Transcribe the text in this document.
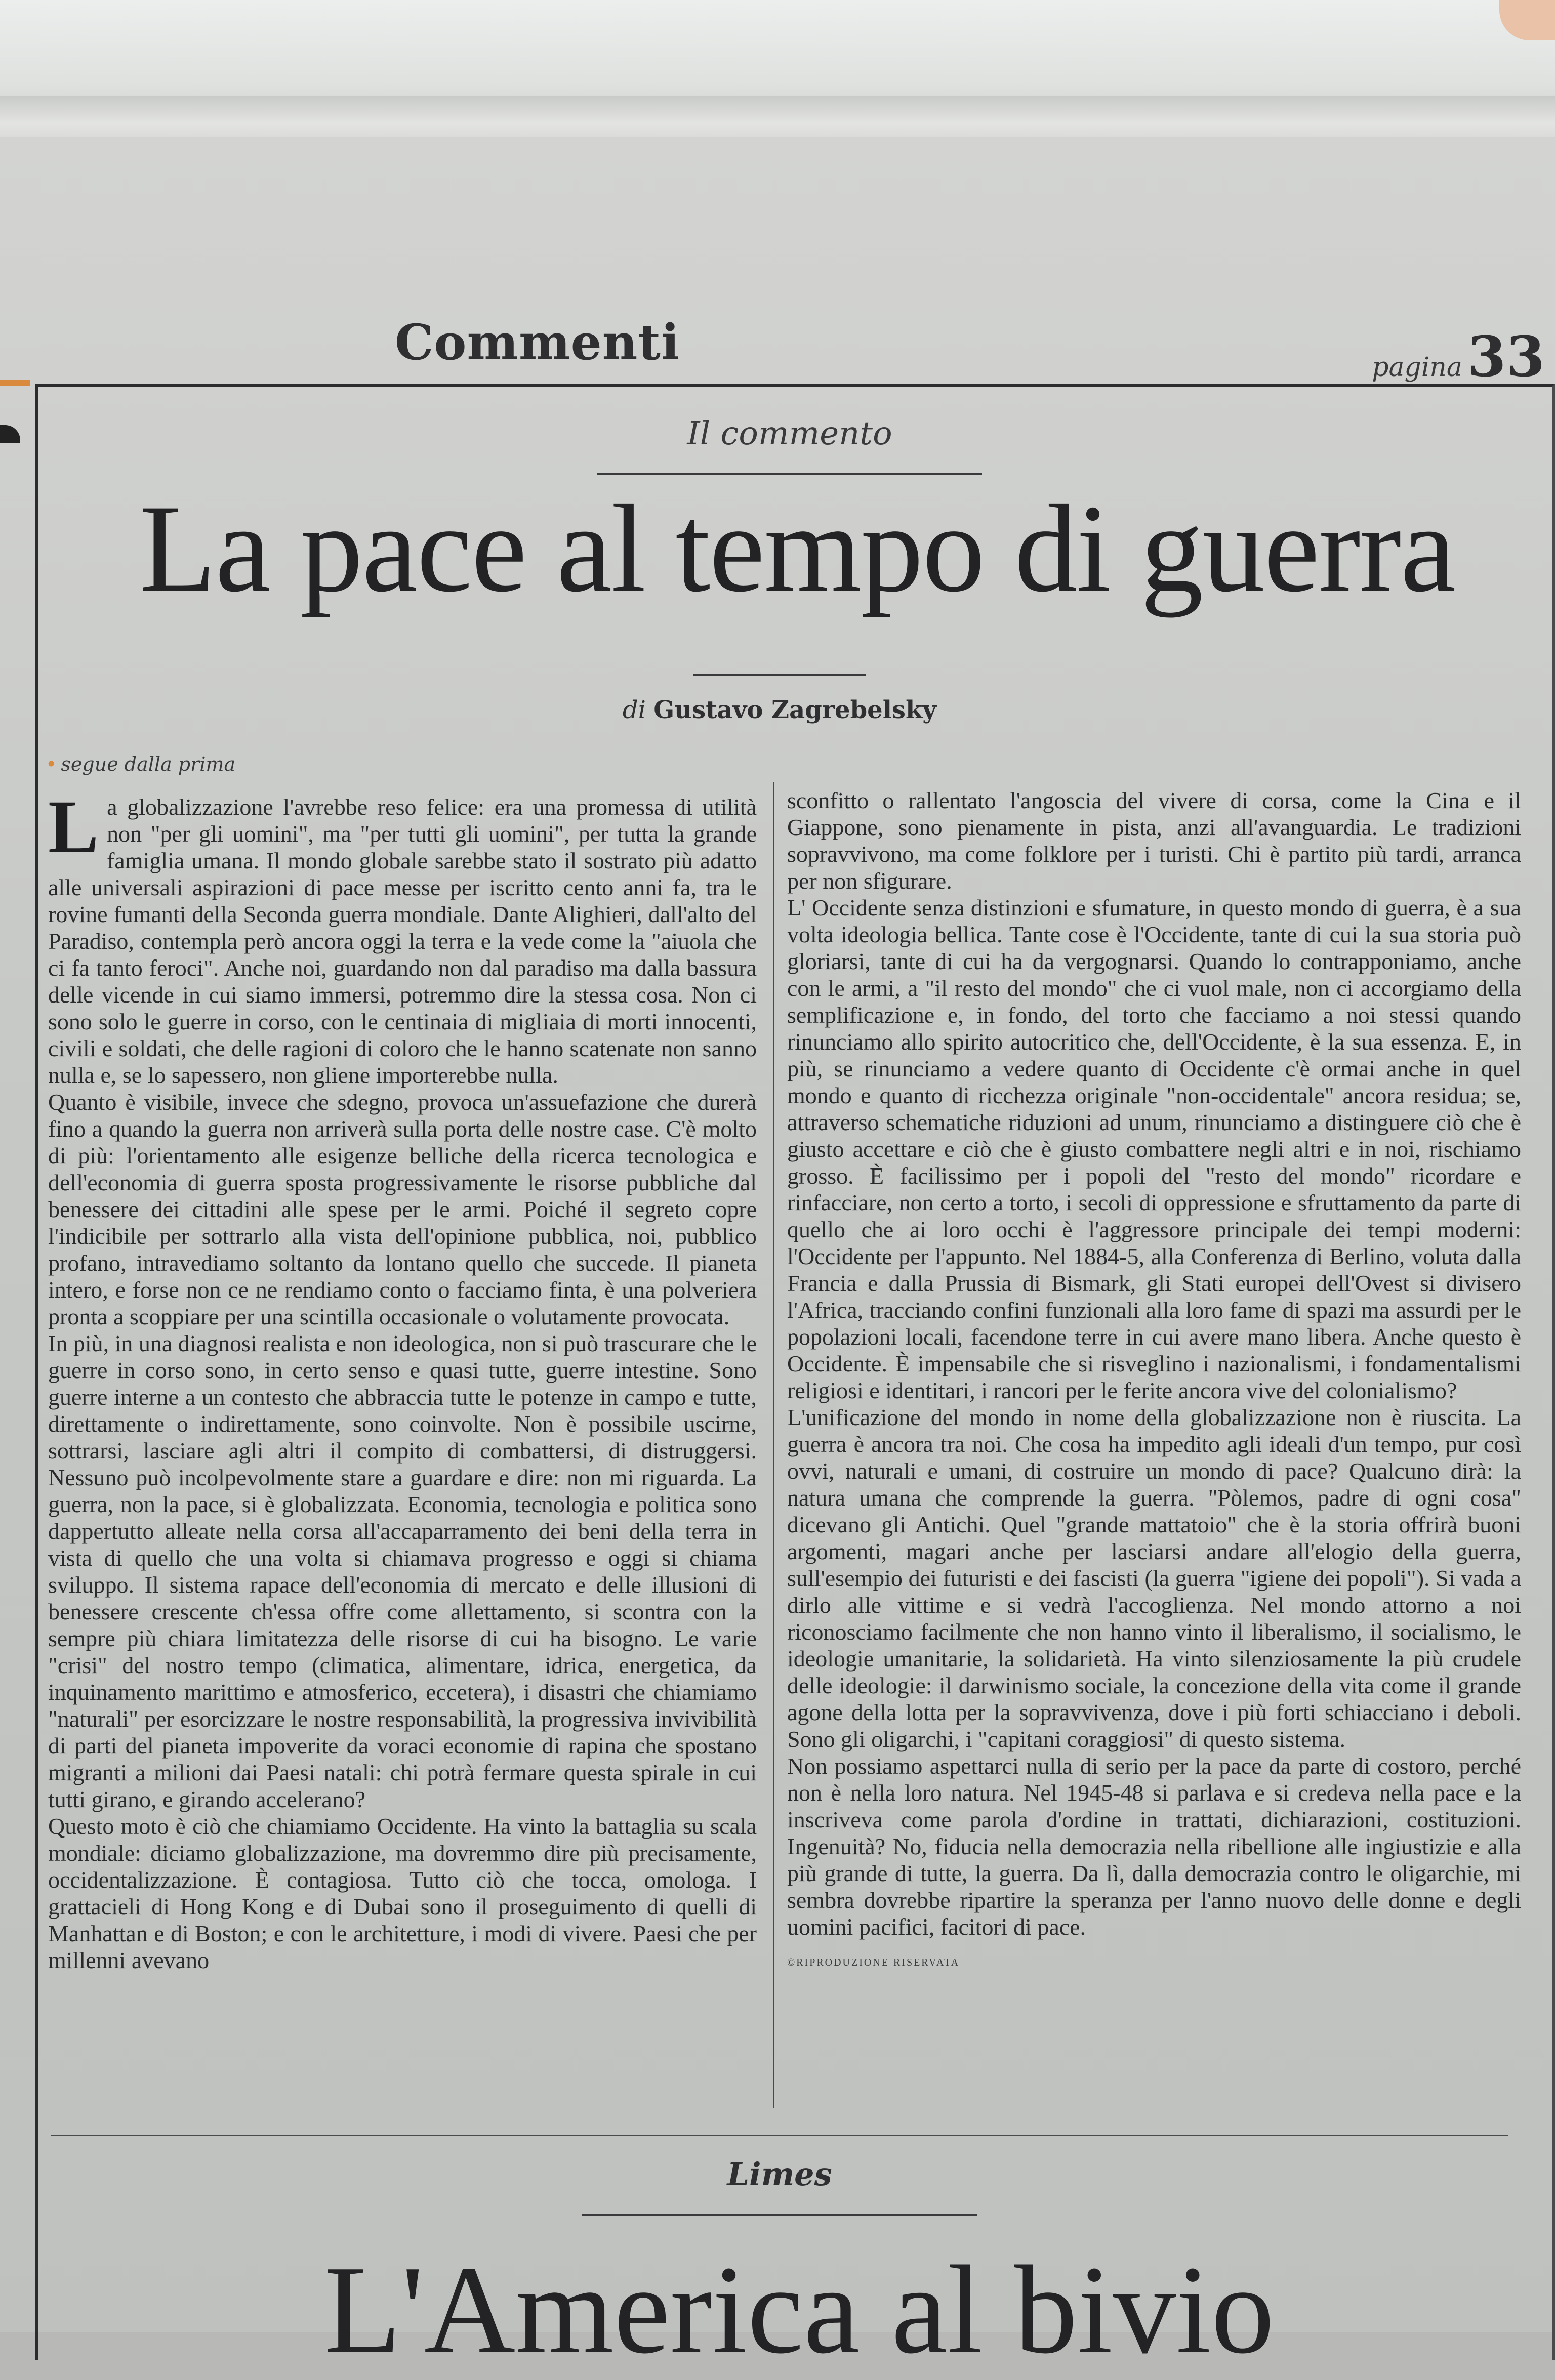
Commenti	pagina 33
Il commento
La pace al tempo di guerra
di Gustavo Zagrebelsky
• segue dalla prima

La globalizzazione l'avrebbe reso felice: era una promessa di utilità non "per gli uomini", ma "per tutti gli uomini", per tutta la grande famiglia umana. Il mondo globale sarebbe stato il sostrato più adatto alle universali aspirazioni di pace messe per iscritto cento anni fa, tra le rovine fumanti della Seconda guerra mondiale. Dante Alighieri, dall'alto del Paradiso, contempla però ancora oggi la terra e la vede come la "aiuola che ci fa tanto feroci". Anche noi, guardando non dal paradiso ma dalla bassura delle vicende in cui siamo immersi, potremmo dire la stessa cosa. Non ci sono solo le guerre in corso, con le centinaia di migliaia di morti innocenti, civili e soldati, che delle ragioni di coloro che le hanno scatenate non sanno nulla e, se lo sapessero, non gliene importerebbe nulla.

Quanto è visibile, invece che sdegno, provoca un'assuefazione che durerà fino a quando la guerra non arriverà sulla porta delle nostre case. C'è molto di più: l'orientamento alle esigenze belliche della ricerca tecnologica e dell'economia di guerra sposta progressivamente le risorse pubbliche dal benessere dei cittadini alle spese per le armi. Poiché il segreto copre l'indicibile per sottrarlo alla vista dell'opinione pubblica, noi, pubblico profano, intravediamo soltanto da lontano quello che succede. Il pianeta intero, e forse non ce ne rendiamo conto o facciamo finta, è una polveriera pronta a scoppiare per una scintilla occasionale o volutamente provocata.

In più, in una diagnosi realista e non ideologica, non si può trascurare che le guerre in corso sono, in certo senso e quasi tutte, guerre intestine. Sono guerre interne a un contesto che abbraccia tutte le potenze in campo e tutte, direttamente o indirettamente, sono coinvolte. Non è possibile uscirne, sottrarsi, lasciare agli altri il compito di combattersi, di distruggersi. Nessuno può incolpevolmente stare a guardare e dire: non mi riguarda. La guerra, non la pace, si è globalizzata. Economia, tecnologia e politica sono dappertutto alleate nella corsa all'accaparramento dei beni della terra in vista di quello che una volta si chiamava progresso e oggi si chiama sviluppo. Il sistema rapace dell'economia di mercato e delle illusioni di benessere crescente ch'essa offre come allettamento, si scontra con la sempre più chiara limitatezza delle risorse di cui ha bisogno. Le varie "crisi" del nostro tempo (climatica, alimentare, idrica, energetica, da inquinamento marittimo e atmosferico, eccetera), i disastri che chiamiamo "naturali" per esorcizzare le nostre responsabilità, la progressiva invivibilità di parti del pianeta impoverite da voraci economie di rapina che spostano migranti a milioni dai Paesi natali: chi potrà fermare questa spirale in cui tutti girano, e girando accelerano?

Questo moto è ciò che chiamiamo Occidente. Ha vinto la battaglia su scala mondiale: diciamo globalizzazione, ma dovremmo dire più precisamente, occidentalizzazione. È contagiosa. Tutto ciò che tocca, omologa. I grattacieli di Hong Kong e di Dubai sono il proseguimento di quelli di Manhattan e di Boston; e con le architetture, i modi di vivere. Paesi che per millenni avevano

sconfitto o rallentato l'angoscia del vivere di corsa, come la Cina e il Giappone, sono pienamente in pista, anzi all'avanguardia. Le tradizioni sopravvivono, ma come folklore per i turisti. Chi è partito più tardi, arranca per non sfigurare.

L' Occidente senza distinzioni e sfumature, in questo mondo di guerra, è a sua volta ideologia bellica. Tante cose è l'Occidente, tante di cui la sua storia può gloriarsi, tante di cui ha da vergognarsi. Quando lo contrapponiamo, anche con le armi, a "il resto del mondo" che ci vuol male, non ci accorgiamo della semplificazione e, in fondo, del torto che facciamo a noi stessi quando rinunciamo allo spirito autocritico che, dell'Occidente, è la sua essenza. E, in più, se rinunciamo a vedere quanto di Occidente c'è ormai anche in quel mondo e quanto di ricchezza originale "non-occidentale" ancora residua; se, attraverso schematiche riduzioni ad unum, rinunciamo a distinguere ciò che è giusto accettare e ciò che è giusto combattere negli altri e in noi, rischiamo grosso. È facilissimo per i popoli del "resto del mondo" ricordare e rinfacciare, non certo a torto, i secoli di oppressione e sfruttamento da parte di quello che ai loro occhi è l'aggressore principale dei tempi moderni: l'Occidente per l'appunto. Nel 1884-5, alla Conferenza di Berlino, voluta dalla Francia e dalla Prussia di Bismark, gli Stati europei dell'Ovest si divisero l'Africa, tracciando confini funzionali alla loro fame di spazi ma assurdi per le popolazioni locali, facendone terre in cui avere mano libera. Anche questo è Occidente. È impensabile che si risveglino i nazionalismi, i fondamentalismi religiosi e identitari, i rancori per le ferite ancora vive del colonialismo?

L'unificazione del mondo in nome della globalizzazione non è riuscita. La guerra è ancora tra noi. Che cosa ha impedito agli ideali d'un tempo, pur così ovvi, naturali e umani, di costruire un mondo di pace? Qualcuno dirà: la natura umana che comprende la guerra. "Pòlemos, padre di ogni cosa" dicevano gli Antichi. Quel "grande mattatoio" che è la storia offrirà buoni argomenti, magari anche per lasciarsi andare all'elogio della guerra, sull'esempio dei futuristi e dei fascisti (la guerra "igiene dei popoli"). Si vada a dirlo alle vittime e si vedrà l'accoglienza. Nel mondo attorno a noi riconosciamo facilmente che non hanno vinto il liberalismo, il socialismo, le ideologie umanitarie, la solidarietà. Ha vinto silenziosamente la più crudele delle ideologie: il darwinismo sociale, la concezione della vita come il grande agone della lotta per la sopravvivenza, dove i più forti schiacciano i deboli. Sono gli oligarchi, i "capitani coraggiosi" di questo sistema.

Non possiamo aspettarci nulla di serio per la pace da parte di costoro, perché non è nella loro natura. Nel 1945-48 si parlava e si credeva nella pace e la inscriveva come parola d'ordine in trattati, dichiarazioni, costituzioni. Ingenuità? No, fiducia nella democrazia nella ribellione alle ingiustizie e alla più grande di tutte, la guerra. Da lì, dalla democrazia contro le oligarchie, mi sembra dovrebbe ripartire la speranza per l'anno nuovo delle donne e degli uomini pacifici, facitori di pace.

©RIPRODUZIONE RISERVATA
Limes
L'America al bivio
